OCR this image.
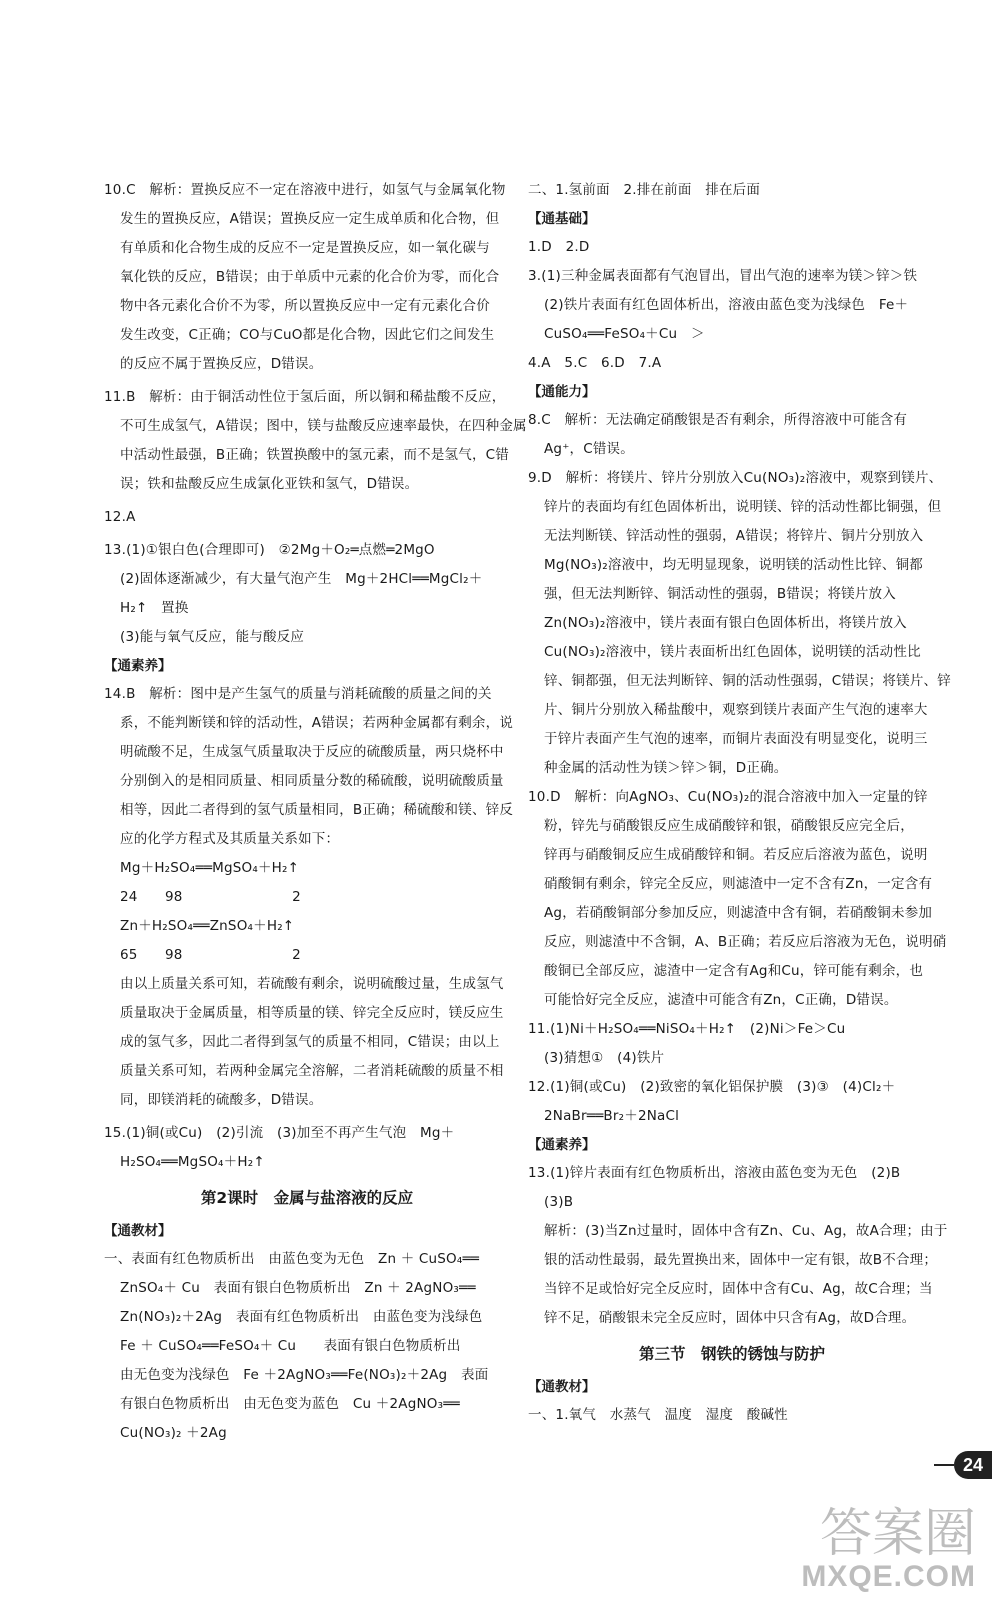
10.C　解析：置换反应不一定在溶液中进行，如氢气与金属氧化物
发生的置换反应，A错误；置换反应一定生成单质和化合物，但
有单质和化合物生成的反应不一定是置换反应，如一氧化碳与
氧化铁的反应，B错误；由于单质中元素的化合价为零，而化合
物中各元素化合价不为零，所以置换反应中一定有元素化合价
发生改变，C正确；CO与CuO都是化合物，因此它们之间发生
的反应不属于置换反应，D错误。
11.B　解析：由于铜活动性位于氢后面，所以铜和稀盐酸不反应，
不可生成氢气，A错误；图中，镁与盐酸反应速率最快，在四种金属
中活动性最强，B正确；铁置换酸中的氢元素，而不是氢气，C错
误；铁和盐酸反应生成氯化亚铁和氢气，D错误。
12.A
13.(1)①银白色(合理即可)　②2Mg＋O₂═点燃═2MgO
(2)固体逐渐减少，有大量气泡产生　Mg＋2HCl══MgCl₂＋
H₂↑　置换
(3)能与氧气反应，能与酸反应
【通素养】
14.B　解析：图中是产生氢气的质量与消耗硫酸的质量之间的关
系，不能判断镁和锌的活动性，A错误；若两种金属都有剩余，说
明硫酸不足，生成氢气质量取决于反应的硫酸质量，两只烧杯中
分别倒入的是相同质量、相同质量分数的稀硫酸，说明硫酸质量
相等，因此二者得到的氢气质量相同，B正确；稀硫酸和镁、锌反
应的化学方程式及其质量关系如下：
Mg＋H₂SO₄══MgSO₄＋H₂↑
24　　98　　　　　　　　2
Zn＋H₂SO₄══ZnSO₄＋H₂↑
65　　98　　　　　　　　2
由以上质量关系可知，若硫酸有剩余，说明硫酸过量，生成氢气
质量取决于金属质量，相等质量的镁、锌完全反应时，镁反应生
成的氢气多，因此二者得到氢气的质量不相同，C错误；由以上
质量关系可知，若两种金属完全溶解，二者消耗硫酸的质量不相
同，即镁消耗的硫酸多，D错误。
15.(1)铜(或Cu)　(2)引流　(3)加至不再产生气泡　Mg＋
H₂SO₄══MgSO₄＋H₂↑
第2课时　金属与盐溶液的反应
【通教材】
一、表面有红色物质析出　由蓝色变为无色　Zn ＋ CuSO₄══
ZnSO₄＋ Cu　表面有银白色物质析出　Zn ＋ 2AgNO₃══
Zn(NO₃)₂＋2Ag　表面有红色物质析出　由蓝色变为浅绿色
Fe ＋ CuSO₄══FeSO₄＋ Cu　　表面有银白色物质析出
由无色变为浅绿色　Fe ＋2AgNO₃══Fe(NO₃)₂＋2Ag　表面
有银白色物质析出　由无色变为蓝色　Cu ＋2AgNO₃══
Cu(NO₃)₂ ＋2Ag
二、1.氢前面　2.排在前面　排在后面
【通基础】
1.D　2.D
3.(1)三种金属表面都有气泡冒出，冒出气泡的速率为镁＞锌＞铁
(2)铁片表面有红色固体析出，溶液由蓝色变为浅绿色　Fe＋
CuSO₄══FeSO₄＋Cu　＞
4.A　5.C　6.D　7.A
【通能力】
8.C　解析：无法确定硝酸银是否有剩余，所得溶液中可能含有
Ag⁺，C错误。
9.D　解析：将镁片、锌片分别放入Cu(NO₃)₂溶液中，观察到镁片、
锌片的表面均有红色固体析出，说明镁、锌的活动性都比铜强，但
无法判断镁、锌活动性的强弱，A错误；将锌片、铜片分别放入
Mg(NO₃)₂溶液中，均无明显现象，说明镁的活动性比锌、铜都
强，但无法判断锌、铜活动性的强弱，B错误；将镁片放入
Zn(NO₃)₂溶液中，镁片表面有银白色固体析出，将镁片放入
Cu(NO₃)₂溶液中，镁片表面析出红色固体，说明镁的活动性比
锌、铜都强，但无法判断锌、铜的活动性强弱，C错误；将镁片、锌
片、铜片分别放入稀盐酸中，观察到镁片表面产生气泡的速率大
于锌片表面产生气泡的速率，而铜片表面没有明显变化，说明三
种金属的活动性为镁＞锌＞铜，D正确。
10.D　解析：向AgNO₃、Cu(NO₃)₂的混合溶液中加入一定量的锌
粉，锌先与硝酸银反应生成硝酸锌和银，硝酸银反应完全后，
锌再与硝酸铜反应生成硝酸锌和铜。若反应后溶液为蓝色，说明
硝酸铜有剩余，锌完全反应，则滤渣中一定不含有Zn，一定含有
Ag，若硝酸铜部分参加反应，则滤渣中含有铜，若硝酸铜未参加
反应，则滤渣中不含铜，A、B正确；若反应后溶液为无色，说明硝
酸铜已全部反应，滤渣中一定含有Ag和Cu，锌可能有剩余，也
可能恰好完全反应，滤渣中可能含有Zn，C正确，D错误。
11.(1)Ni＋H₂SO₄══NiSO₄＋H₂↑　(2)Ni＞Fe＞Cu
(3)猜想①　(4)铁片
12.(1)铜(或Cu)　(2)致密的氧化铝保护膜　(3)③　(4)Cl₂＋
2NaBr══Br₂＋2NaCl
【通素养】
13.(1)锌片表面有红色物质析出，溶液由蓝色变为无色　(2)B
(3)B
解析：(3)当Zn过量时，固体中含有Zn、Cu、Ag，故A合理；由于
银的活动性最弱，最先置换出来，固体中一定有银，故B不合理；
当锌不足或恰好完全反应时，固体中含有Cu、Ag，故C合理；当
锌不足，硝酸银未完全反应时，固体中只含有Ag，故D合理。
第三节　钢铁的锈蚀与防护
【通教材】
一、1.氧气　水蒸气　温度　湿度　酸碱性
24
答案圈
MXQE.COM
